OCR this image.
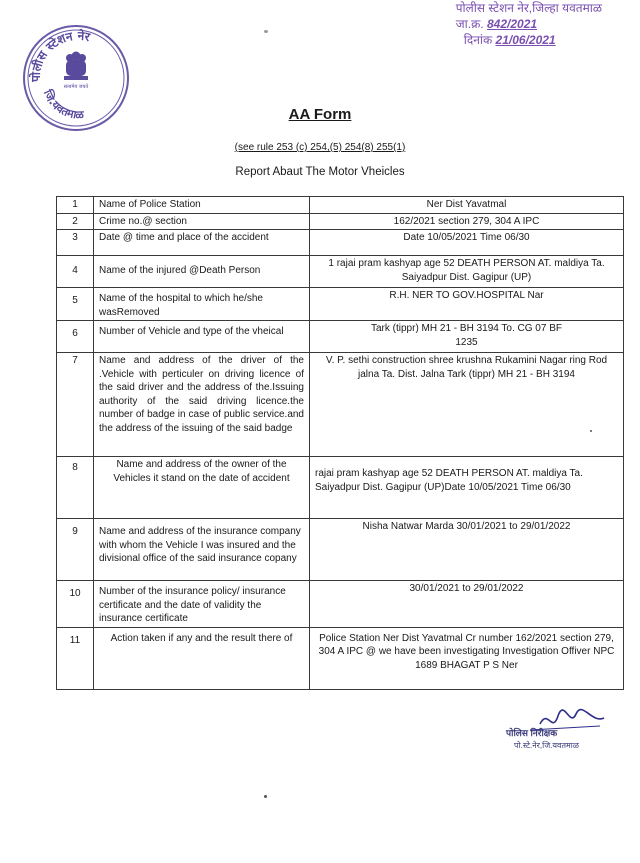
पोलीस स्टेशन नेर,जिल्हा यवतमाळ
जा.क्र. 842/2021
दिनांक 21/06/2021
पोलीस स्टेशन नेर
जि.यवतमाळ
सत्यमेव जयते
AA Form
(see rule 253 (c) 254,(5) 254(8) 255(1)
Report Abaut The Motor Vheicles
1	Name of Police Station	Ner Dist Yavatmal
2	Crime no.@ section	162/2021 section 279, 304 A IPC
3	Date @ time and place of the accident	Date 10/05/2021 Time 06/30
4	Name of the injured @Death Person	1 rajai pram kashyap age 52 DEATH PERSON AT. maldiya Ta. Saiyadpur Dist. Gagipur (UP)
5	Name of the hospital to which he/she wasRemoved	R.H. NER TO GOV.HOSPITAL Nar
6	Number of Vehicle and type of the vheical	Tark (tippr) MH 21 - BH 3194 To. CG 07 BF 1235
7	Name and address of the driver of the .Vehicle with perticuler on driving licence of the said driver and the address of the.Issuing authority of the said driving licence.the number of badge in case of public service.and the address of the issuing of the said badge	V. P. sethi construction shree krushna Rukamini Nagar ring Rod jalna Ta. Dist. Jalna Tark (tippr) MH 21 - BH 3194
8	Name and address of the owner of the Vehicles it stand on the date of accident	rajai pram kashyap age 52 DEATH PERSON AT. maldiya Ta. Saiyadpur Dist. Gagipur (UP)Date 10/05/2021 Time 06/30
9	Name and address of the insurance company with whom the Vehicle I was insured and the divisional office of the said insurance copany	Nisha Natwar Marda 30/01/2021 to 29/01/2022
10	Number of the insurance policy/ insurance certificate and the date of validity the insurance certificate	30/01/2021 to 29/01/2022
11	Action taken if any and the result there of	Police Station Ner Dist Yavatmal Cr number 162/2021 section 279, 304 A IPC @ we have been investigating Investigation Offiver NPC 1689 BHAGAT P S Ner
पोलिस निरीक्षक
पो.स्टे.नेर,जि.यवतमाळ
